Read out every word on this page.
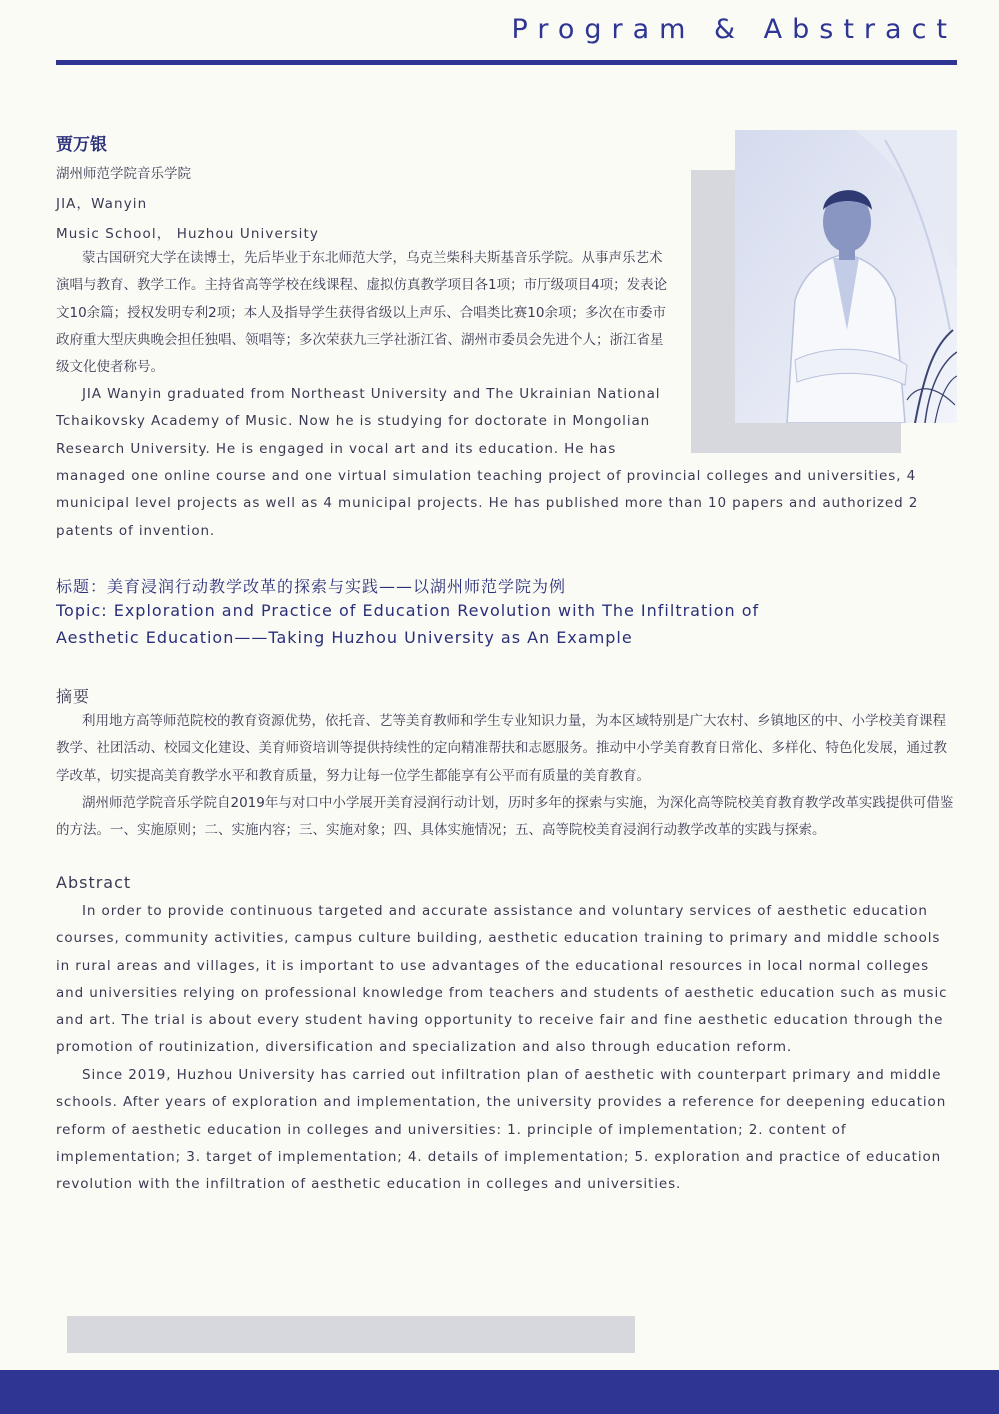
Program & Abstract
贾万银
湖州师范学院音乐学院
JIA，Wanyin
Music School， Huzhou University

蒙古国研究大学在读博士，先后毕业于东北师范大学，乌克兰柴科夫斯基音乐学院。从事声乐艺术演唱与教育、教学工作。主持省高等学校在线课程、虚拟仿真教学项目各1项；市厅级项目4项；发表论文10余篇；授权发明专利2项；本人及指导学生获得省级以上声乐、合唱类比赛10余项；多次在市委市政府重大型庆典晚会担任独唱、领唱等；多次荣获九三学社浙江省、湖州市委员会先进个人；浙江省星级文化使者称号。

JIA Wanyin graduated from Northeast University and The Ukrainian National Tchaikovsky Academy of Music. Now he is studying for doctorate in Mongolian Research University. He is engaged in vocal art and its education. He has

managed one online course and one virtual simulation teaching project of provincial colleges and universities, 4 municipal level projects as well as 4 municipal projects. He has published more than 10 papers and authorized 2 patents of invention.

标题：美育浸润行动教学改革的探索与实践——以湖州师范学院为例
Topic: Exploration and Practice of Education Revolution with The Infiltration of
Aesthetic Education——Taking Huzhou University as An Example
摘要

利用地方高等师范院校的教育资源优势，依托音、艺等美育教师和学生专业知识力量，为本区域特别是广大农村、乡镇地区的中、小学校美育课程教学、社团活动、校园文化建设、美育师资培训等提供持续性的定向精准帮扶和志愿服务。推动中小学美育教育日常化、多样化、特色化发展，通过教学改革，切实提高美育教学水平和教育质量，努力让每一位学生都能享有公平而有质量的美育教育。

湖州师范学院音乐学院自2019年与对口中小学展开美育浸润行动计划，历时多年的探索与实施，为深化高等院校美育教育教学改革实践提供可借鉴的方法。一、实施原则；二、实施内容；三、实施对象；四、具体实施情况；五、高等院校美育浸润行动教学改革的实践与探索。

Abstract

In order to provide continuous targeted and accurate assistance and voluntary services of aesthetic education courses, community activities, campus culture building, aesthetic education training to primary and middle schools in rural areas and villages, it is important to use advantages of the educational resources in local normal colleges and universities relying on professional knowledge from teachers and students of aesthetic education such as music and art. The trial is about every student having opportunity to receive fair and fine aesthetic education through the promotion of routinization, diversification and specialization and also through education reform.

Since 2019, Huzhou University has carried out infiltration plan of aesthetic with counterpart primary and middle schools. After years of exploration and implementation, the university provides a reference for deepening education reform of aesthetic education in colleges and universities: 1. principle of implementation; 2. content of implementation; 3. target of implementation; 4. details of implementation; 5. exploration and practice of education revolution with the infiltration of aesthetic education in colleges and universities.
